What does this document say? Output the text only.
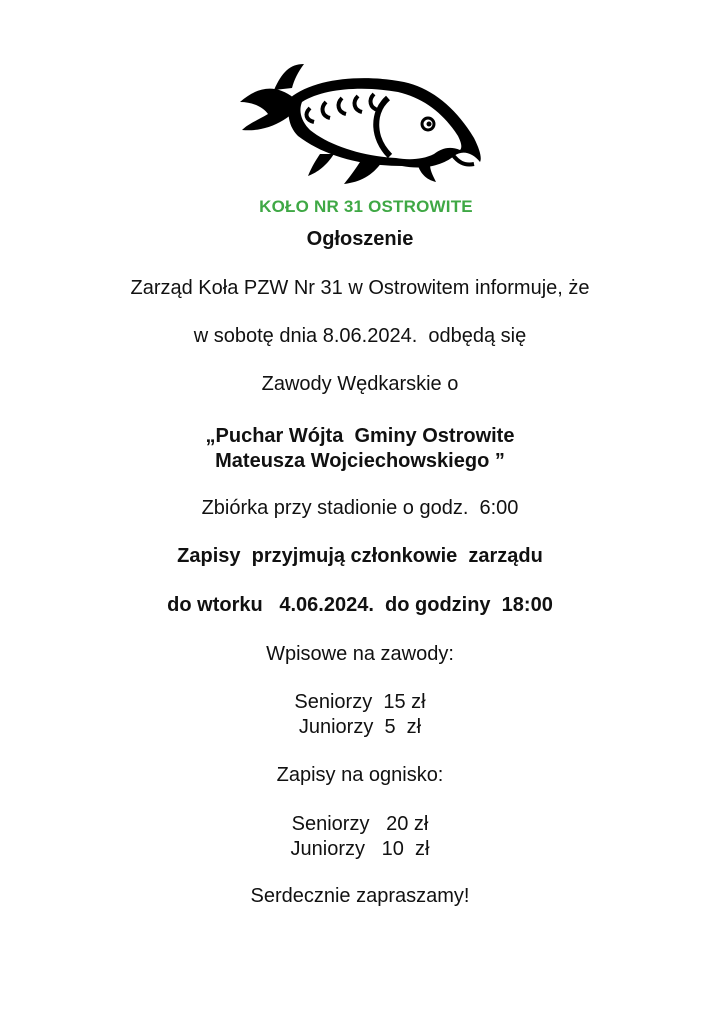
KOŁO NR 31 OSTROWITE
Ogłoszenie
Zarząd Koła PZW Nr 31 w Ostrowitem informuje, że
w sobotę dnia 8.06.2024.  odbędą się
Zawody Wędkarskie o
„Puchar Wójta  Gminy Ostrowite
Mateusza Wojciechowskiego ”
Zbiórka przy stadionie o godz.  6:00
Zapisy  przyjmują członkowie  zarządu
do wtorku   4.06.2024.  do godziny  18:00
Wpisowe na zawody:
Seniorzy  15 zł
Juniorzy  5  zł
Zapisy na ognisko:
Seniorzy   20 zł
Juniorzy   10  zł
Serdecznie zapraszamy!
